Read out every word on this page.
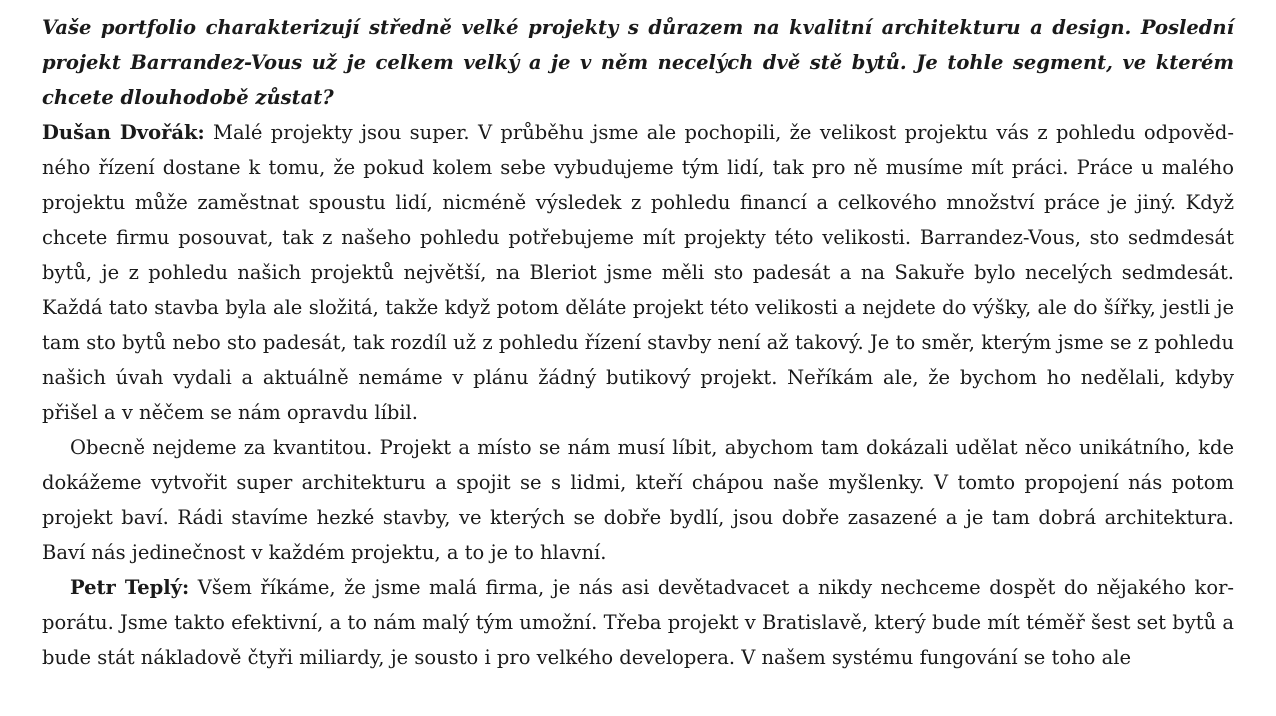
Vaše portfolio charakterizují středně velké projekty s důrazem na kvalitní architekturu a design. Poslední projekt Barrandez-Vous už je celkem velký a je v něm necelých dvě stě bytů. Je tohle segment, ve kterém chcete dlouhodobě zůstat?

Dušan Dvořák: Malé projekty jsou super. V průběhu jsme ale pochopili, že velikost projektu vás z pohledu odpovědného řízení dostane k tomu, že pokud kolem sebe vybudujeme tým lidí, tak pro ně musíme mít práci. Práce u malého projektu může zaměstnat spoustu lidí, nicméně výsledek z pohledu financí a celkového množství práce je jiný. Když chcete firmu posouvat, tak z našeho pohledu potřebujeme mít projekty této velikosti. Barrandez-Vous, sto sedmdesát bytů, je z pohledu našich projektů největší, na Bleriot jsme měli sto padesát a na Sakuře bylo necelých sedmdesát. Každá tato stavba byla ale složitá, takže když potom děláte projekt této velikosti a nejdete do výšky, ale do šířky, jestli je tam sto bytů nebo sto padesát, tak rozdíl už z pohledu řízení stavby není až takový. Je to směr, kterým jsme se z pohledu našich úvah vydali a aktuálně nemáme v plánu žádný butikový projekt. Neříkám ale, že bychom ho nedělali, kdyby přišel a v něčem se nám opravdu líbil.

Obecně nejdeme za kvantitou. Projekt a místo se nám musí líbit, abychom tam dokázali udělat něco unikátního, kde dokážeme vytvořit super architekturu a spojit se s lidmi, kteří chápou naše myšlenky. V tomto propojení nás potom projekt baví. Rádi stavíme hezké stavby, ve kterých se dobře bydlí, jsou dobře zasazené a je tam dobrá architektura. Baví nás jedinečnost v každém projektu, a to je to hlavní.

Petr Teplý: Všem říkáme, že jsme malá firma, je nás asi devětadvacet a nikdy nechceme dospět do nějakého korporátu. Jsme takto efektivní, a to nám malý tým umožní. Třeba projekt v Bratislavě, který bude mít téměř šest set bytů a bude stát nákladově čtyři miliardy, je sousto i pro velkého developera. V našem systému fungování se toho ale
